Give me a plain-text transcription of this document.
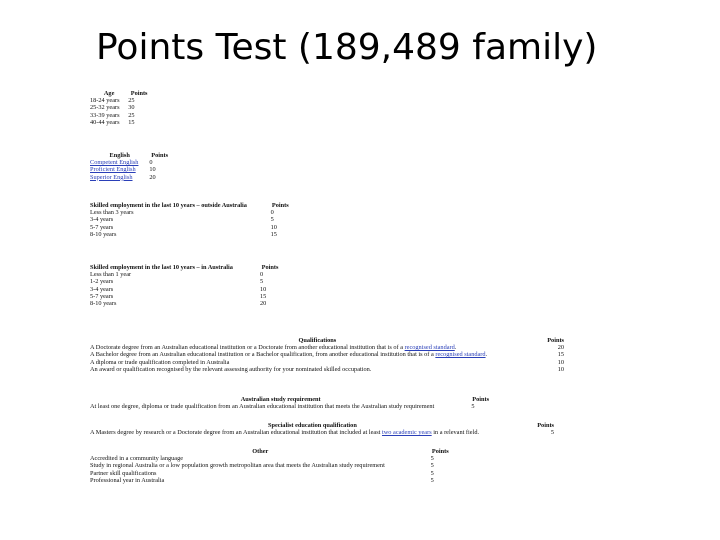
Points Test (189,489 family)
Age	Points
18-24 years	25
25-32 years	30
33-39 years	25
40-44 years	15
English	Points
Competent English	0
Proficient English	10
Superior English	20
Skilled employment in the last 10 years – outside Australia	Points
Less than 3 years	0
3-4 years	5
5-7 years	10
8-10 years	15
Skilled employment in the last 10 years – in Australia	Points
Less than 1 year	0
1-2 years	5
3-4 years	10
5-7 years	15
8-10 years	20
Qualifications	Points
A Doctorate degree from an Australian educational institution or a Doctorate from another educational institution that is of a recognised standard.	20
A Bachelor degree from an Australian educational institution or a Bachelor qualification, from another educational institution that is of a recognised standard.	15
A diploma or trade qualification completed in Australia	10
An award or qualification recognised by the relevant assessing authority for your nominated skilled occupation.	10
Australian study requirement	Points
At least one degree, diploma or trade qualification from an Australian educational institution that meets the Australian study requirement	5
Specialist education qualification	Points
A Masters degree by research or a Doctorate degree from an Australian educational institution that included at least two academic years in a relevant field.	5
Other	Points
Accredited in a community language	5
Study in regional Australia or a low population growth metropolitan area that meets the Australian study requirement	5
Partner skill qualifications	5
Professional year in Australia	5
